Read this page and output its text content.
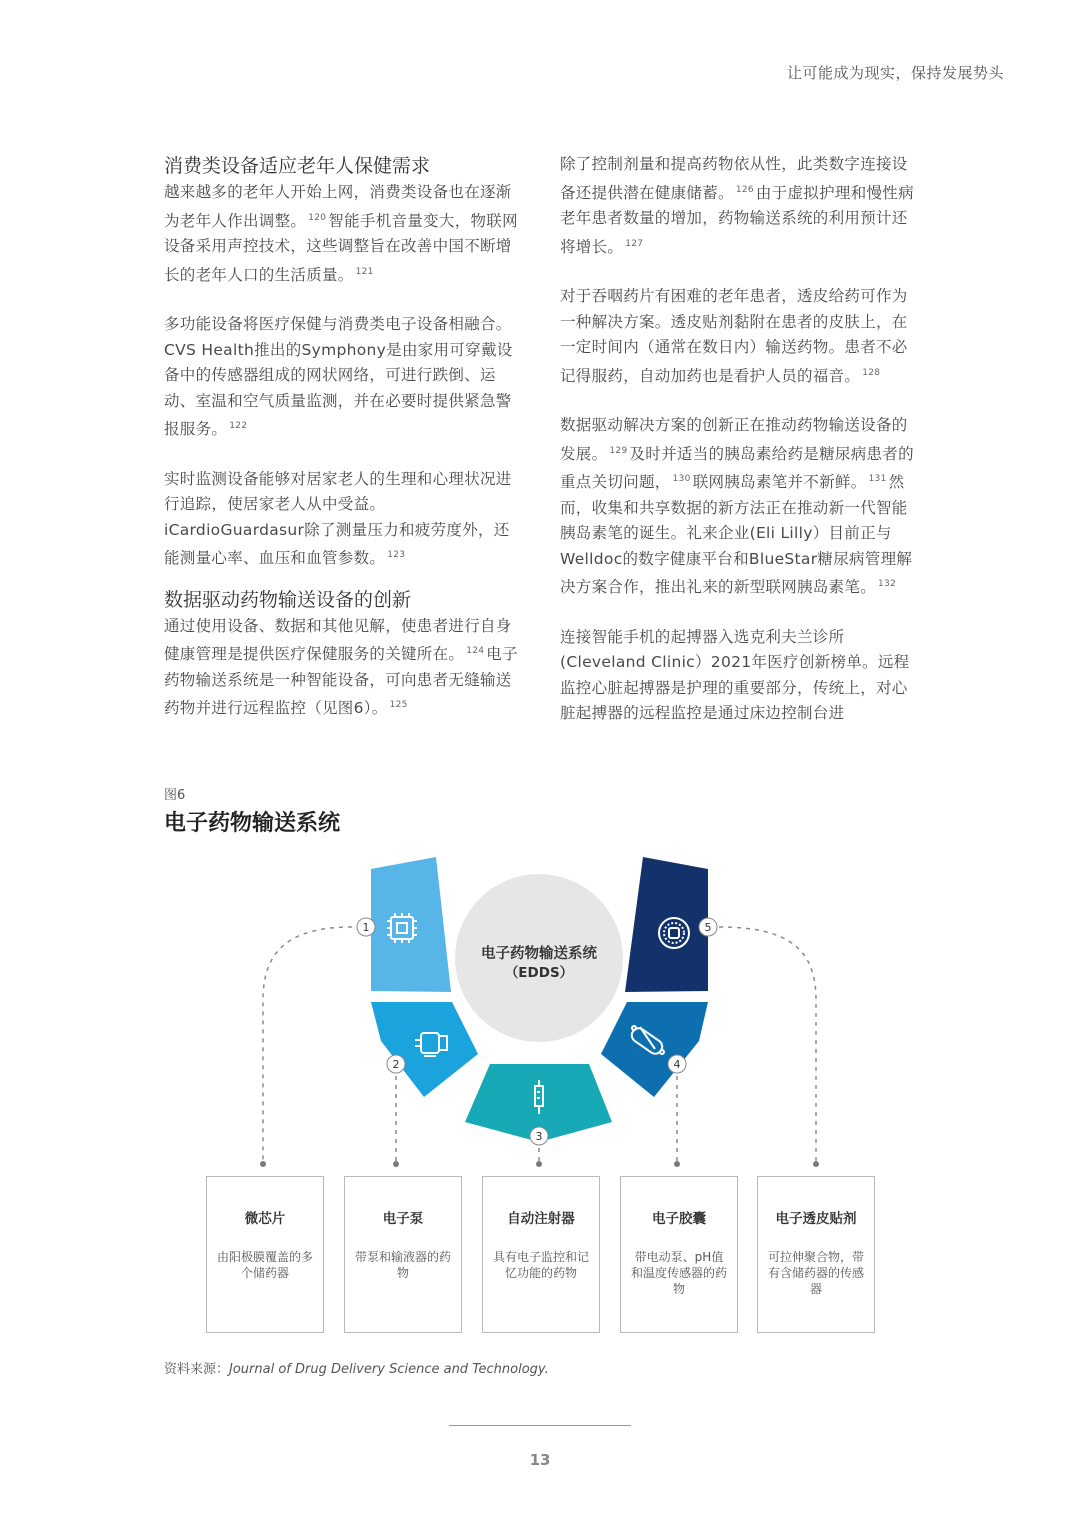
让可能成为现实，保持发展势头
消费类设备适应老年人保健需求

越来越多的老年人开始上网，消费类设备也在逐渐为老年人作出调整。 $^{120}$ 智能手机音量变大，物联网设备采用声控技术，这些调整旨在改善中国不断增长的老年人口的生活质量。 $^{121}$

多功能设备将医疗保健与消费类电子设备相融合。CVS Health推出的Symphony是由家用可穿戴设备中的传感器组成的网状网络，可进行跌倒、运动、室温和空气质量监测，并在必要时提供紧急警报服务。 $^{122}$

实时监测设备能够对居家老人的生理和心理状况进行追踪，使居家老人从中受益。iCardioGuardasur除了测量压力和疲劳度外，还能测量心率、血压和血管参数。 $^{123}$

数据驱动药物输送设备的创新

通过使用设备、数据和其他见解，使患者进行自身健康管理是提供医疗保健服务的关键所在。 $^{124}$ 电子药物输送系统是一种智能设备，可向患者无缝输送药物并进行远程监控（见图6）。 $^{125}$

除了控制剂量和提高药物依从性，此类数字连接设备还提供潜在健康储蓄。 $^{126}$ 由于虚拟护理和慢性病老年患者数量的增加，药物输送系统的利用预计还将增长。 $^{127}$

对于吞咽药片有困难的老年患者，透皮给药可作为一种解决方案。透皮贴剂黏附在患者的皮肤上，在一定时间内（通常在数日内）输送药物。患者不必记得服药，自动加药也是看护人员的福音。 $^{128}$

数据驱动解决方案的创新正在推动药物输送设备的发展。 $^{129}$ 及时并适当的胰岛素给药是糖尿病患者的重点关切问题， $^{130}$ 联网胰岛素笔并不新鲜。 $^{131}$ 然而，收集和共享数据的新方法正在推动新一代智能胰岛素笔的诞生。礼来企业(Eli Lilly）目前正与Welldoc的数字健康平台和BlueStar糖尿病管理解决方案合作，推出礼来的新型联网胰岛素笔。 $^{132}$

连接智能手机的起搏器入选克利夫兰诊所(Cleveland Clinic）2021年医疗创新榜单。远程监控心脏起搏器是护理的重要部分，传统上，对心脏起搏器的远程监控是通过床边控制台进

图6
电子药物输送系统
电子药物输送系统
（EDDS）
1
2
3
4
5
微芯片
由阳极膜覆盖的多个储药器
电子泵
带泵和输液器的药物
自动注射器
具有电子监控和记忆功能的药物
电子胶囊
带电动泵、pH值和温度传感器的药物
电子透皮贴剂
可拉伸聚合物，带有含储药器的传感器
资料来源：Journal of Drug Delivery Science and Technology.
13
